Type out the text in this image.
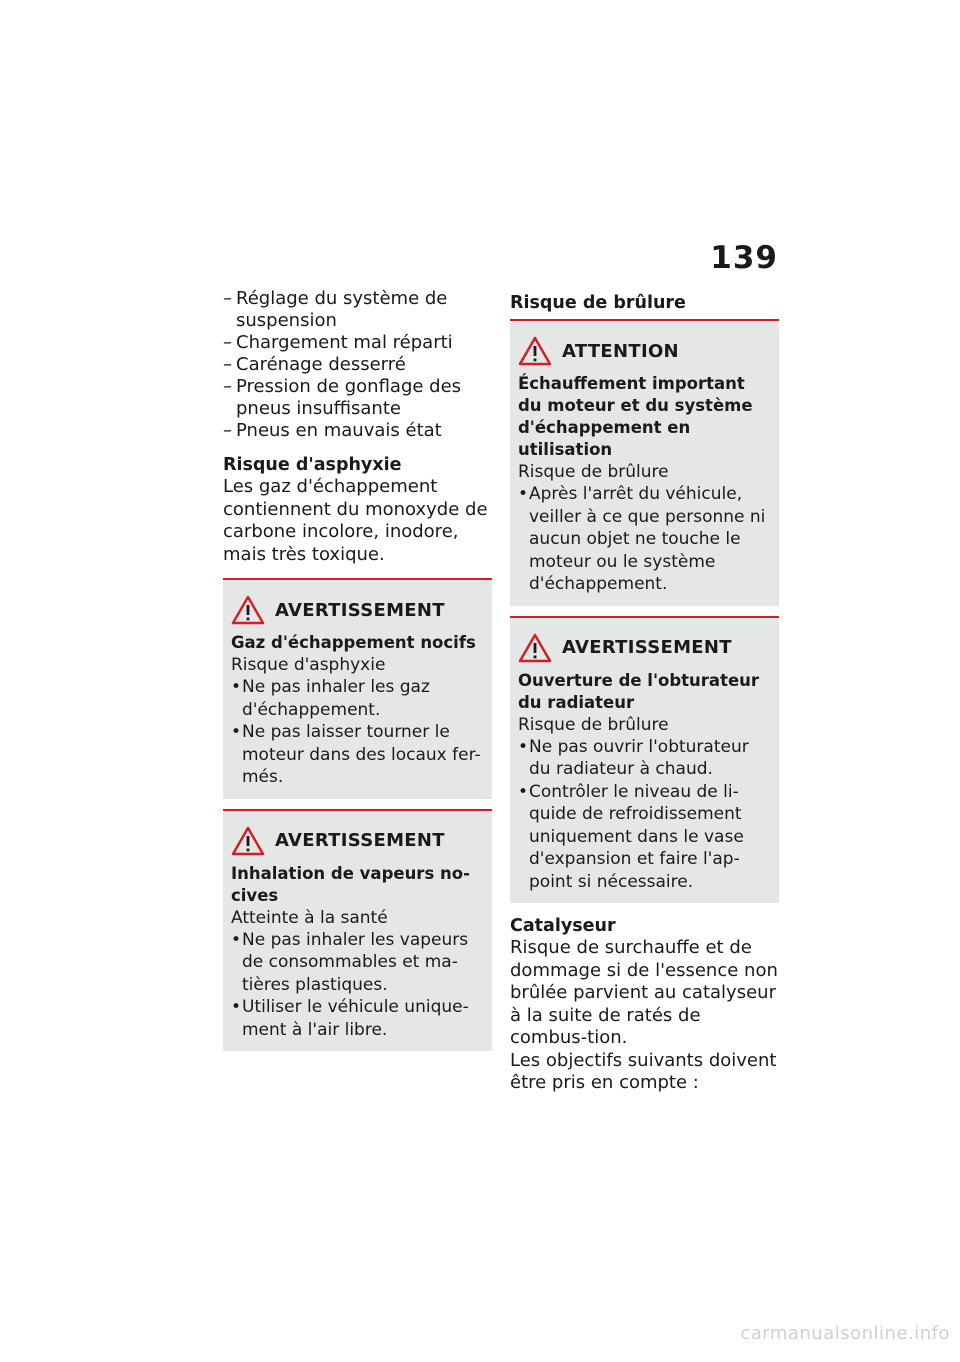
139
– Réglage du système de suspension
– Chargement mal réparti
– Carénage desserré
– Pression de gonflage des pneus insuffisante
– Pneus en mauvais état

Risque d'asphyxie

Les gaz d'échappement contiennent du monoxyde de carbone incolore, inodore, mais très toxique.

AVERTISSEMENT

Gaz d'échappement nocifs

Risque d'asphyxie

• Ne pas inhaler les gaz d'échappement.
• Ne pas laisser tourner le moteur dans des locaux fer-més.
AVERTISSEMENT

Inhalation de vapeurs no-cives

Atteinte à la santé

• Ne pas inhaler les vapeurs de consommables et ma-tières plastiques.
• Utiliser le véhicule unique-ment à l'air libre.

Risque de brûlure

ATTENTION

Échauffement important du moteur et du système d'échappement en utilisation

Risque de brûlure

• Après l'arrêt du véhicule, veiller à ce que personne ni aucun objet ne touche le moteur ou le système d'échappement.
AVERTISSEMENT

Ouverture de l'obturateur du radiateur

Risque de brûlure

• Ne pas ouvrir l'obturateur du radiateur à chaud.
• Contrôler le niveau de li-quide de refroidissement uniquement dans le vase d'expansion et faire l'ap-point si nécessaire.

Catalyseur

Risque de surchauffe et de dommage si de l'essence non brûlée parvient au catalyseur à la suite de ratés de combus-tion.

Les objectifs suivants doivent être pris en compte :

carmanualsonline.info
